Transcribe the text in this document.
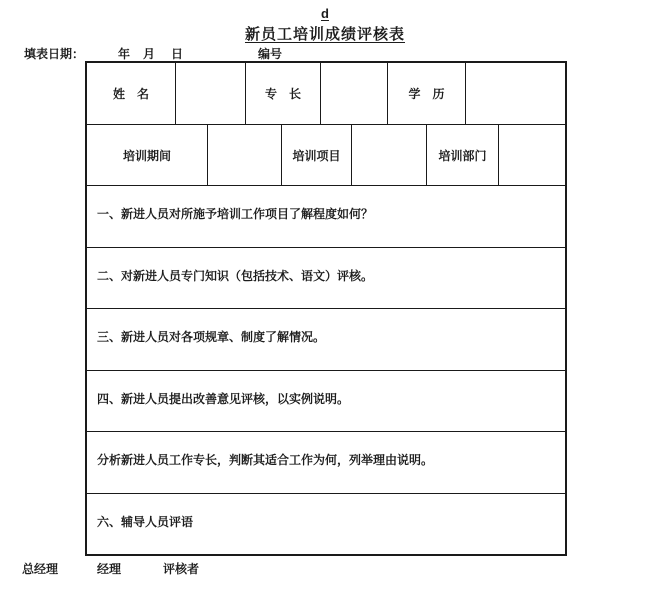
d
新员工培训成绩评核表
填表日期：	年 月 日	编号
姓　名	专　长	学　历
培训期间	培训项目	培训部门
一、新进人员对所施予培训工作项目了解程度如何？
二、对新进人员专门知识（包括技术、语文）评核。
三、新进人员对各项规章、制度了解情况。
四、新进人员提出改善意见评核，以实例说明。
分析新进人员工作专长，判断其适合工作为何，列举理由说明。
六、辅导人员评语
总经理	经理	评核者
